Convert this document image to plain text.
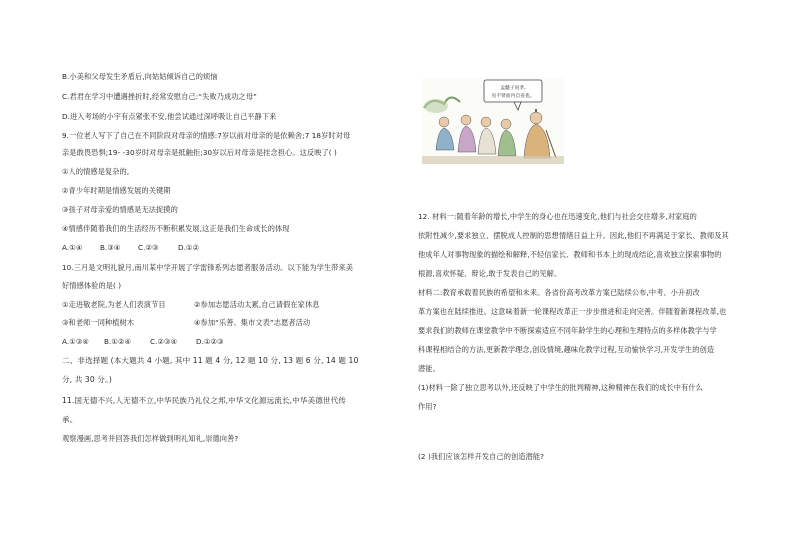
B.小美和父母发生矛盾后,向姑姑倾诉自己的烦恼
C.君君在学习中遭遇挫折时,经常安慰自己:“失败乃成功之母”
D.进入考场的小宇有点紧张不安,他尝试通过深呼吸让自己平静下来
9.一位老人写下了自己在不同阶段对母亲的情感:7岁以前对母亲的是依赖舍;7 18岁时对母
亲是敢畏恐惧;19- -30岁时对母亲是抵触拒;30岁以后对母亲是挂念担心。这反映了( )
①人的情感是复杂的,
②青少年时期是情感发展的关键期
③孩子对母亲爱的情感是无法捉摸的
④情感伴随着我们的生活经历不断积累发展,这正是我们生命成长的体现
A.①④ B.③④ C.②③	D.①②
10.三月是文明礼貌月,南川某中学开展了学雷锋系列志愿者服务活动。以下能为学生带来美
好情感体验的是( )
①走进敬老院,为老人们表演节目	②参加志愿活动太累,自己请假在家休息
③和老师一同种植树木	④参加“乐善、集市文表”志愿者活动
A.①③④ B.①②④	C.②③④	D.①②③
二、非选择题 (本大题共 4 小题, 其中 11 题 4 分, 12 题 10 分, 13 题 6 分, 14 题 10
分, 共 30 分。)
11.国无德不兴,人无德不立,中华民族乃礼仪之邦,中华文化源远流长,中华美德世代传
承。
观察漫画,思考并回答我们怎样做到明礼知礼,崇德向善?
孟懿子问孝,
见不贤而内自省也。
12. 材料一:随着年龄的增长,中学生的身心也在迅速变化,他们与社会交往增多,对家庭的
依附性减少,要求独立、摆脱成人控制的思想情绪日益上升。因此,他们不再满足于家长、教师及其
他成年人对事物现象的描绘和解释,不轻信家长、教师和书本上的现成结论,喜欢独立探索事物的
根源,喜欢怀疑、辩论,敢于发表自己的见解。
材料二:教育承载着民族的希望和未来。各省份高考改革方案已陆续公布,中考、小升初改
革方案也在陆续推进。这意味着新一轮课程改革正一步步推进和走向完善。伴随着新课程改革,也
要求我们的教师在课堂教学中不断探索适应不同年龄学生的心理和生理特点的多样体教学与学
科课程相结合的方法,更新教学理念,创设情境,趣味化教学过程,互动愉快学习,开发学生的创造
潜能。
(1)材料一除了独立思考以外,还反映了中学生的批判精神,这种精神在我们的成长中有什么
作用?
(2 )我们应该怎样开发自己的创造潜能?
